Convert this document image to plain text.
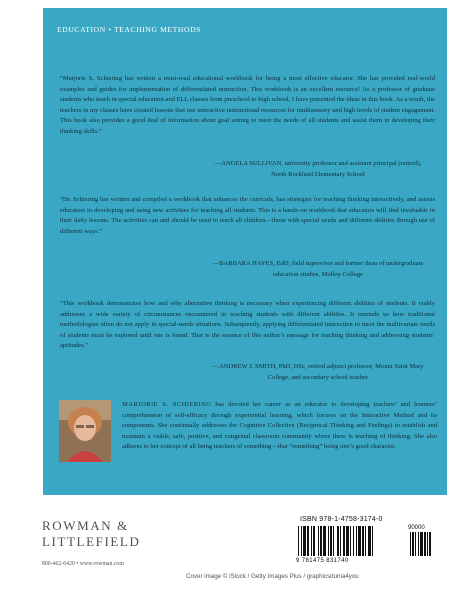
EDUCATION • TEACHING METHODS
“Marjorie S. Schiering has written a must-read educational workbook for being a most effective educator. She has provided real-world examples and guides for implementation of differentiated instruction. This workbook is an excellent resource! As a professor of graduate students who teach in special education and ELL classes from preschool to high school, I have presented the ideas in this book. As a result, the teachers in my classes have created lessons that use interactive instructional resources for multisensory and high levels of student engagement. This book also provides a good deal of information about goal setting to meet the needs of all students and assist them in developing their thinking skills.”
—ANGELA SULLIVAN, university professor and assistant principal (retired), North Rockland Elementary School
“Dr. Schiering has written and compiled a workbook that enhances the curricula, has strategies for teaching thinking interactively, and assists educators in developing and using new activities for teaching all students. This is a hands-on workbook that educators will find invaluable in their daily lessons. The activities can and should be used to teach all children—those with special needs and different abilities through use of different ways.”
—BARBARA HAYES, EdD, field supervisor and former dean of undergraduate education studies, Molloy College
“This workbook demonstrates how and why alternative thinking is necessary when experiencing different abilities of students. It viably addresses a wide variety of circumstances encountered in teaching students with different abilities. It reminds us how traditional methodologies often do not apply in special-needs situations. Subsequently, applying differentiated instruction to meet the multivariate needs of students must be explored until one is found. That is the essence of this author’s message for teaching thinking and addressing students’ aptitudes.”
—ANDREW J. SMITH, PhD, DSc, retired adjunct professor, Mount Saint Mary College, and secondary school teacher
MARJORIE S. SCHIERING has devoted her career as an educator to developing teachers’ and learners’ comprehension of self-efficacy through experiential learning, which focuses on the Interactive Method and its components. She continually addresses the Cognitive Collective (Reciprocal Thinking and Feelings) to establish and maintain a viable, safe, positive, and congenial classroom community where there is teaching of thinking. She also adheres to her concept of all being teachers of something—that “something” being one’s good character.
ROWMAN &
LITTLEFIELD
800-462-6420 • www.rowman.com
ISBN 978-1-4758-3174-0
90000
9 781475 831740
Cover image © iStock / Getty Images Plus / graphicsdunia4you
